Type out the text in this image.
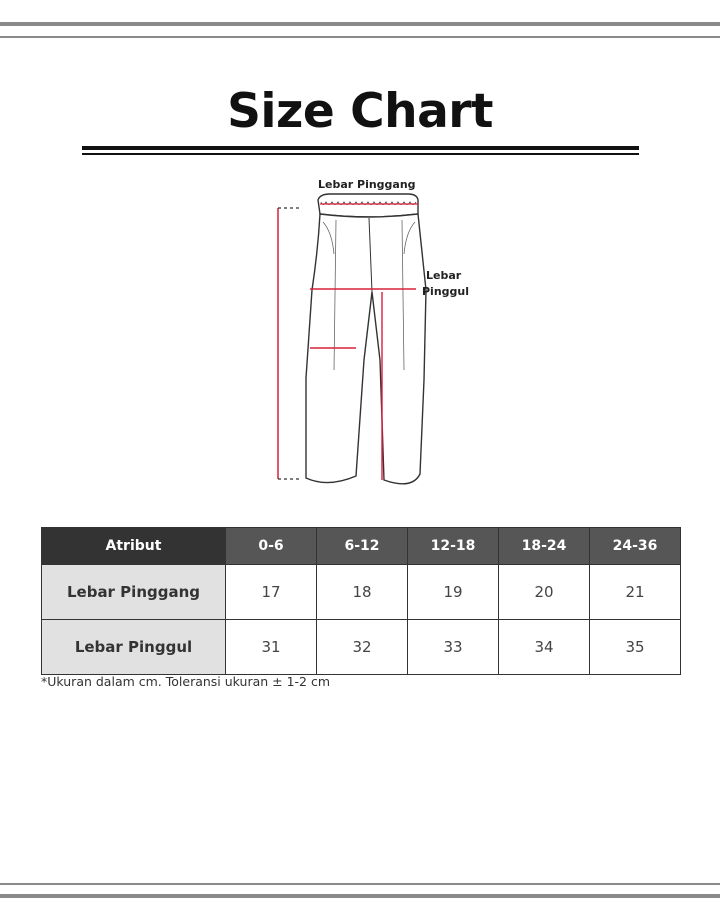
Size Chart
Lebar Pinggang
Lebar
Pinggul
Atribut	0-6	6-12	12-18	18-24	24-36
Lebar Pinggang	17	18	19	20	21
Lebar Pinggul	31	32	33	34	35
*Ukuran dalam cm. Toleransi ukuran ± 1-2 cm
